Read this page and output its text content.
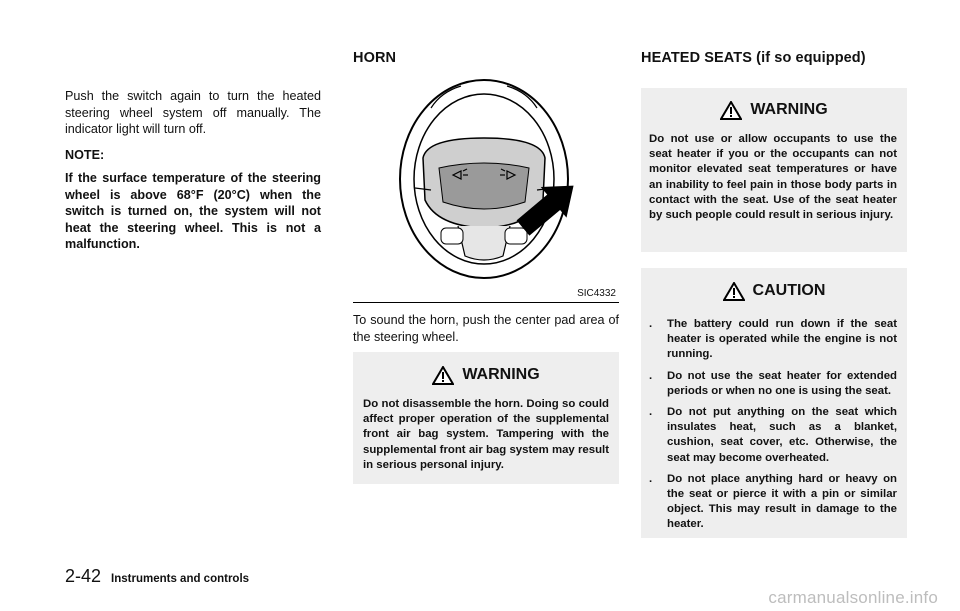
Push the switch again to turn the heated steering wheel system off manually. The indicator light will turn off.

NOTE:

If the surface temperature of the steering wheel is above 68°F (20°C) when the switch is turned on, the system will not heat the steering wheel. This is not a malfunction.

HORN
SIC4332

To sound the horn, push the center pad area of the steering wheel.

WARNING

Do not disassemble the horn. Doing so could affect proper operation of the supplemental front air bag system. Tampering with the supplemental front air bag system may result in serious personal injury.

HEATED SEATS (if so equipped)
WARNING

Do not use or allow occupants to use the seat heater if you or the occupants can not monitor elevated seat temperatures or have an inability to feel pain in those body parts in contact with the seat. Use of the seat heater by such people could result in serious injury.

CAUTION
.	The battery could run down if the seat heater is operated while the engine is not running.

.	Do not use the seat heater for extended periods or when no one is using the seat.

.	Do not put anything on the seat which insulates heat, such as a blanket, cushion, seat cover, etc. Otherwise, the seat may become overheated.

.	Do not place anything hard or heavy on the seat or pierce it with a pin or similar object. This may result in damage to the heater.

2-42 Instruments and controls
carmanualsonline.info
